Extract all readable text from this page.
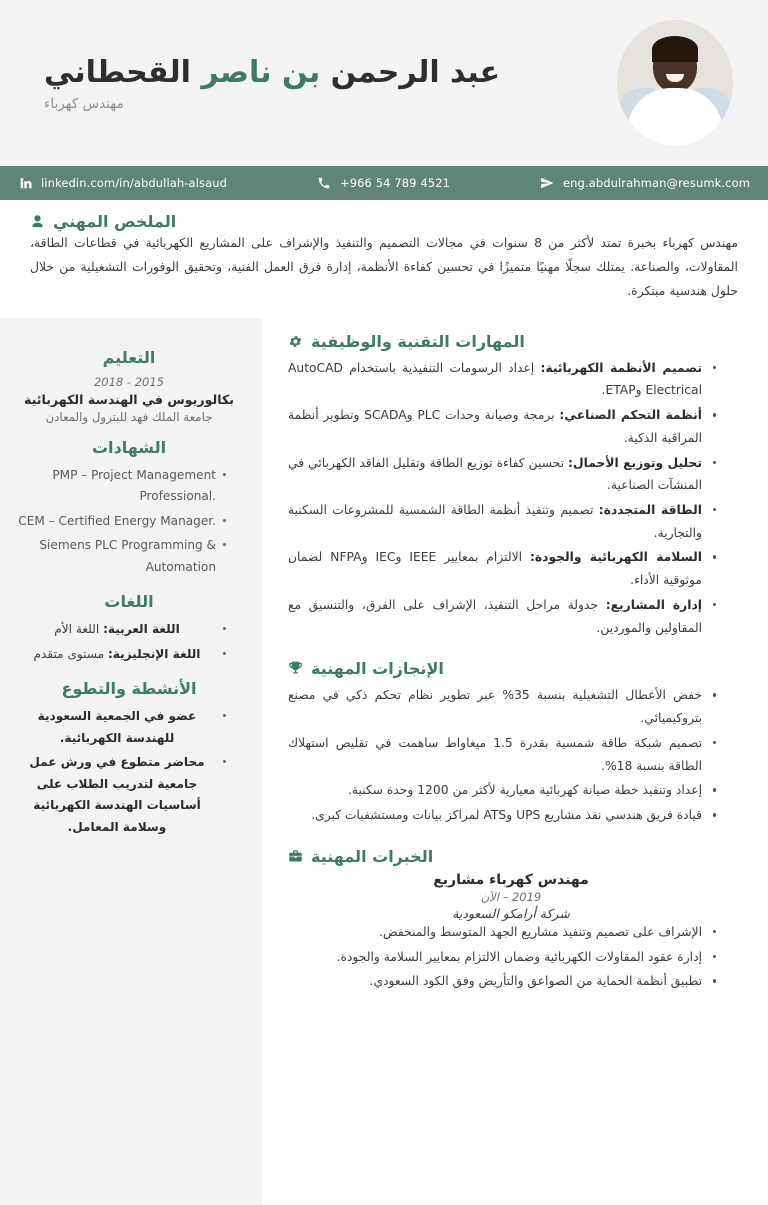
عبد الرحمن بن ناصر القحطاني
مهندس كهرباء
linkedin.com/in/abdullah-alsaud	+966 54 789 4521	eng.abdulrahman@resumk.com
الملخص المهني
مهندس كهرباء بخبرة تمتد لأكثر من 8 سنوات في مجالات التصميم والتنفيذ والإشراف على المشاريع الكهربائية في قطاعات الطاقة، المقاولات، والصناعة. يمتلك سجلًا مهنيًا متميزًا في تحسين كفاءة الأنظمة، إدارة فرق العمل الفنية، وتحقيق الوفورات التشغيلية من خلال حلول هندسية مبتكرة.
المهارات التقنية والوظيفية
تصميم الأنظمة الكهربائية: إعداد الرسومات التنفيذية باستخدام AutoCAD Electrical وETAP.
أنظمة التحكم الصناعي: برمجة وصيانة وحدات PLC وSCADA وتطوير أنظمة المراقبة الذكية.
تحليل وتوزيع الأحمال: تحسين كفاءة توزيع الطاقة وتقليل الفاقد الكهربائي في المنشآت الصناعية.
الطاقة المتجددة: تصميم وتنفيذ أنظمة الطاقة الشمسية للمشروعات السكنية والتجارية.
السلامة الكهربائية والجودة: الالتزام بمعايير IEEE وIEC وNFPA لضمان موثوقية الأداء.
إدارة المشاريع: جدولة مراحل التنفيذ، الإشراف على الفرق، والتنسيق مع المقاولين والموردين.
الإنجازات المهنية
خفض الأعطال التشغيلية بنسبة 35% عبر تطوير نظام تحكم ذكي في مصنع بتروكيميائي.
تصميم شبكة طاقة شمسية بقدرة 1.5 ميغاواط ساهمت في تقليص استهلاك الطاقة بنسبة 18%.
إعداد وتنفيذ خطة صيانة كهربائية معيارية لأكثر من 1200 وحدة سكنية.
قيادة فريق هندسي نفذ مشاريع UPS وATS لمراكز بيانات ومستشفيات كبرى.
الخبرات المهنية
مهندس كهرباء مشاريع
2019 – الآن
شركة أرامكو السعودية
الإشراف على تصميم وتنفيذ مشاريع الجهد المتوسط والمنخفض.
إدارة عقود المقاولات الكهربائية وضمان الالتزام بمعايير السلامة والجودة.
تطبيق أنظمة الحماية من الصواعق والتأريض وفق الكود السعودي.
التعليم
2015 - 2018
بكالوريوس في الهندسة الكهربائية
جامعة الملك فهد للبترول والمعادن
الشهادات
PMP – Project Management Professional.
CEM – Certified Energy Manager.
Siemens PLC Programming & Automation
اللغات
اللغة العربية: اللغة الأم
اللغة الإنجليزية: مستوى متقدم
الأنشطة والتطوع
عضو في الجمعية السعودية للهندسة الكهربائية.
محاضر متطوع في ورش عمل جامعية لتدريب الطلاب على أساسيات الهندسة الكهربائية وسلامة المعامل.
